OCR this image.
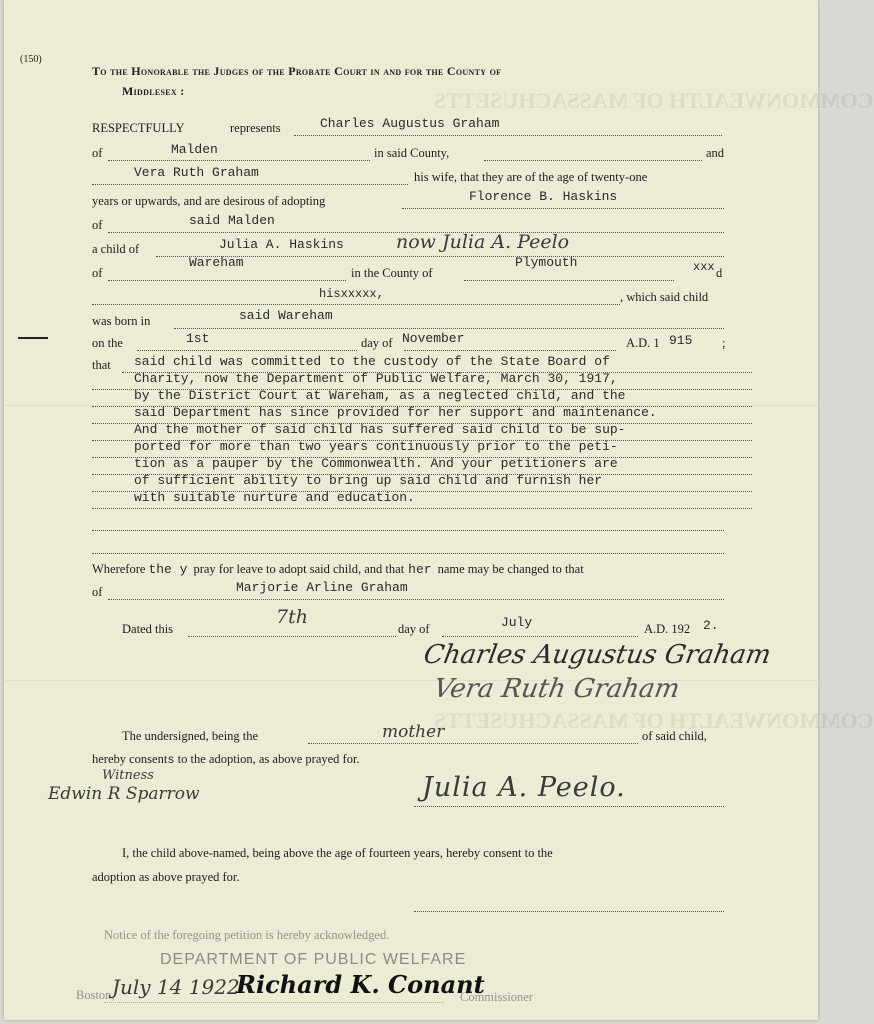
COMMONWEALTH OF MASSACHUSETTS
COMMONWEALTH OF MASSACHUSETTS
(150)
To the Honorable the Judges of the Probate Court in and for the County of
Middlesex :
RESPECTFULLY	represents	Charles Augustus Graham
of	Malden	in said County,	and
Vera Ruth Graham	his wife, that they are of the age of twenty-one
years or upwards, and are desirous of adopting	Florence B. Haskins
of	said Malden
a child of	Julia A. Haskins	now Julia A. Peelo
of
Wareham
in the County of
Plymouth	xxx d
hisxxxxx,	, which said child
was born in	said Wareham
on the	1st	day of November	A.D. 1 915 ;
that said child was committed to the custody of the State Board of
Charity, now the Department of Public Welfare, March 30, 1917,
by the District Court at Wareham, as a neglected child, and the
said Department has since provided for her support and maintenance.
And the mother of said child has suffered said child to be sup-
ported for more than two years continuously prior to the peti-
tion as a pauper by the Commonwealth. And your petitioners are
of sufficient ability to bring up said child and furnish her
with suitable nurture and education.
Wherefore the y pray for leave to adopt said child, and that her name may be changed to that
of	Marjorie Arline Graham
Dated this
7th
day of	July	A.D. 192 2.
Charles Augustus Graham
Vera Ruth Graham
The undersigned, being the	mother	of said child,
hereby consents to the adoption, as above prayed for.
Witness
Edwin R Sparrow	Julia A. Peelo.
I, the child above-named, being above the age of fourteen years, hereby consent to the
adoption as above prayed for.
Notice of the foregoing petition is hereby acknowledged.
DEPARTMENT OF PUBLIC WELFARE
Boston,
July 14 1922
Richard K. Conant
Commissioner
